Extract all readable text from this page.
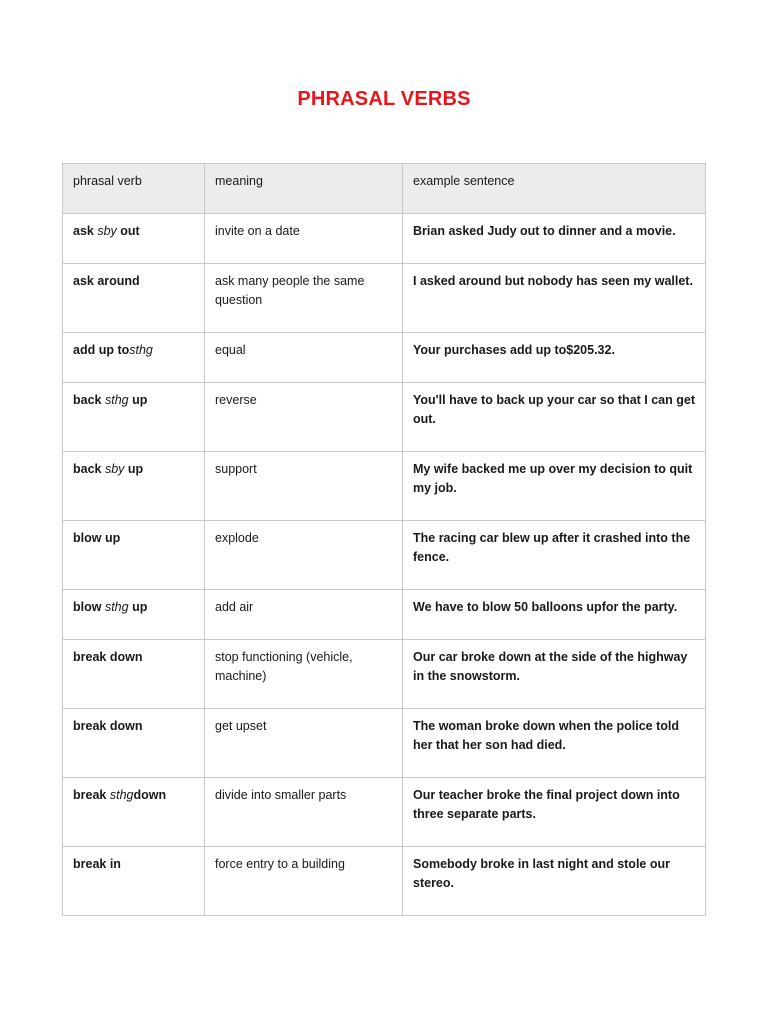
PHRASAL VERBS
phrasal verb	meaning	example sentence
ask sby out	invite on a date	Brian asked Judy out to dinner and a movie.
ask around	ask many people the same question	I asked around but nobody has seen my wallet.
add up tosthg	equal	Your purchases add up to$205.32.
back sthg up	reverse	You'll have to back up your car so that I can get out.
back sby up	support	My wife backed me up over my decision to quit my job.
blow up	explode	The racing car blew up after it crashed into the fence.
blow sthg up	add air	We have to blow 50 balloons upfor the party.
break down	stop functioning (vehicle, machine)	Our car broke down at the side of the highway in the snowstorm.
break down	get upset	The woman broke down when the police told her that her son had died.
break sthgdown	divide into smaller parts	Our teacher broke the final project down into three separate parts.
break in	force entry to a building	Somebody broke in last night and stole our stereo.
